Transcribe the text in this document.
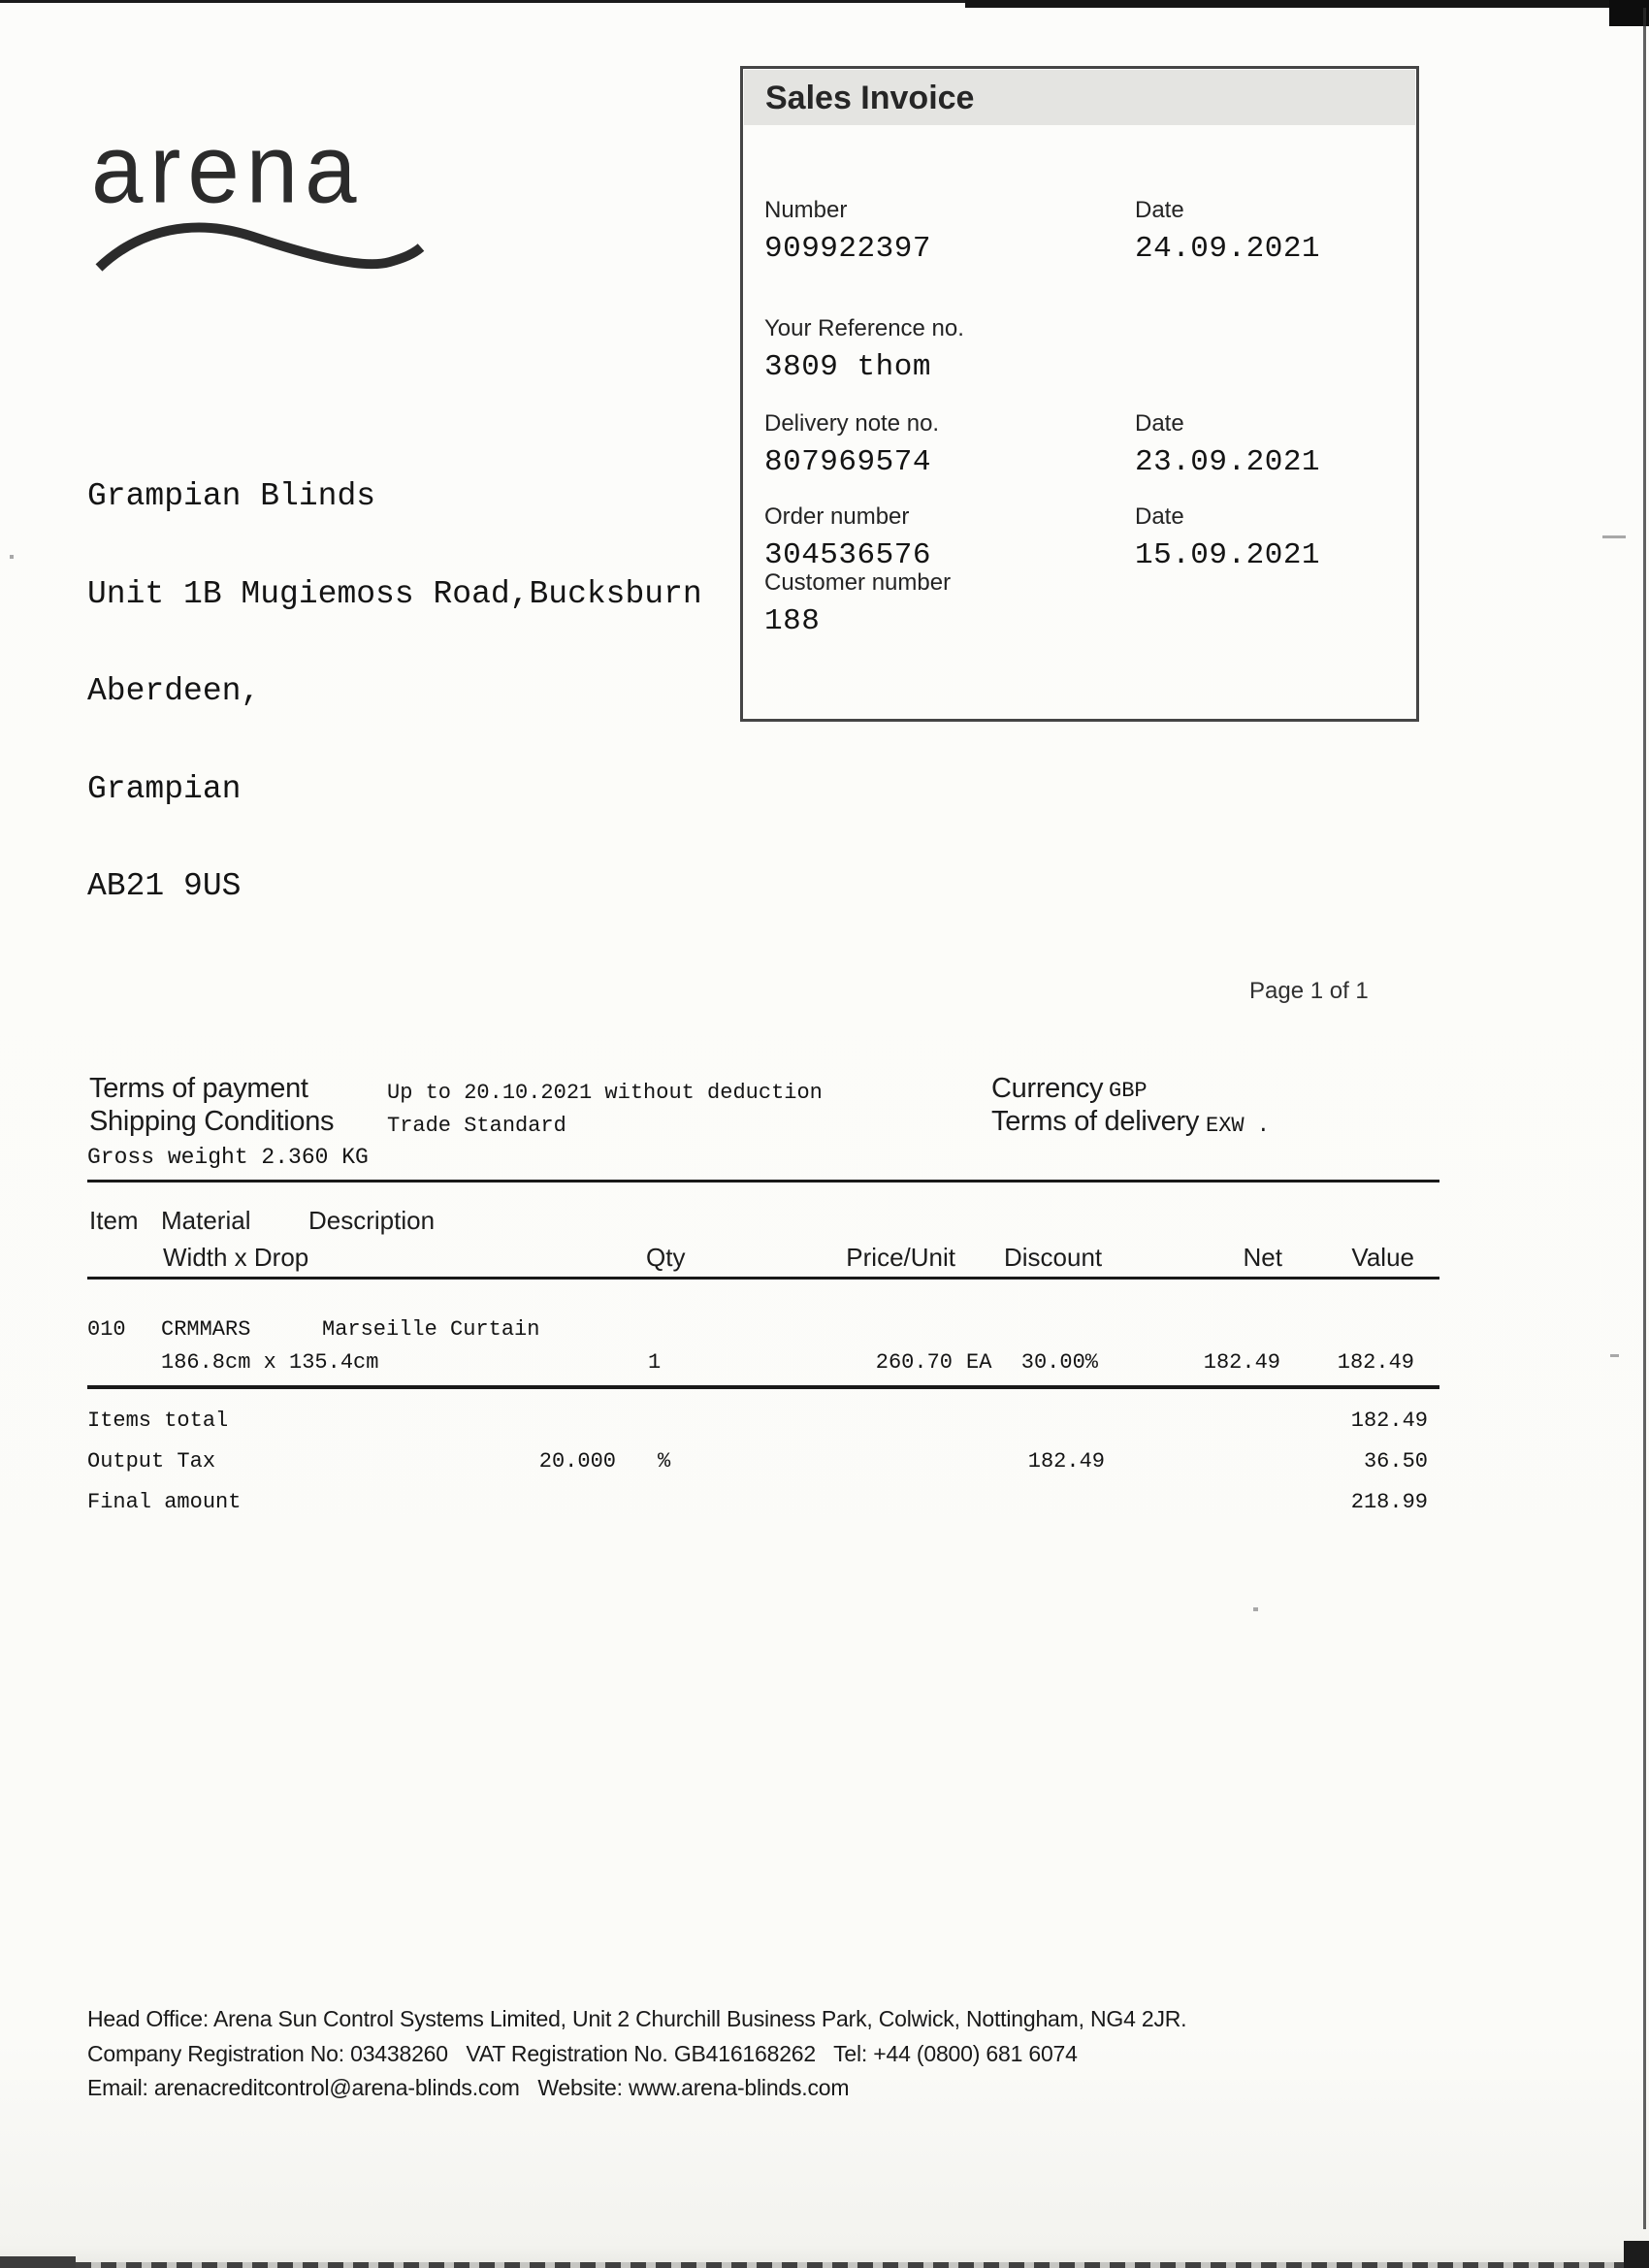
arena

Grampian Blinds

Unit 1B Mugiemoss Road,Bucksburn

Aberdeen,

Grampian

AB21 9US

Sales Invoice
Number
909922397
Date
24.09.2021
Your Reference no.
3809 thom
Delivery note no.
807969574
Date
23.09.2021
Order number
304536576
Date
15.09.2021
Customer number
188
Page 1 of 1
Terms of payment	Up to 20.10.2021 without deduction
Shipping Conditions Trade Standard
Gross weight 2.360 KG
Currency GBP
Terms of delivery EXW .
Item Material Description
Width x Drop	Qty	Price/Unit Discount	Net	Value
010 CRMMARS	Marseille Curtain
186.8cm x 135.4cm	1	260.70 EA	30.00%	182.49	182.49
Items total	182.49
Output Tax	20.000 %	182.49	36.50
Final amount	218.99
Head Office: Arena Sun Control Systems Limited, Unit 2 Churchill Business Park, Colwick, Nottingham, NG4 2JR.
Company Registration No: 03438260   VAT Registration No. GB416168262   Tel: +44 (0800) 681 6074
Email: arenacreditcontrol@arena-blinds.com   Website: www.arena-blinds.com
